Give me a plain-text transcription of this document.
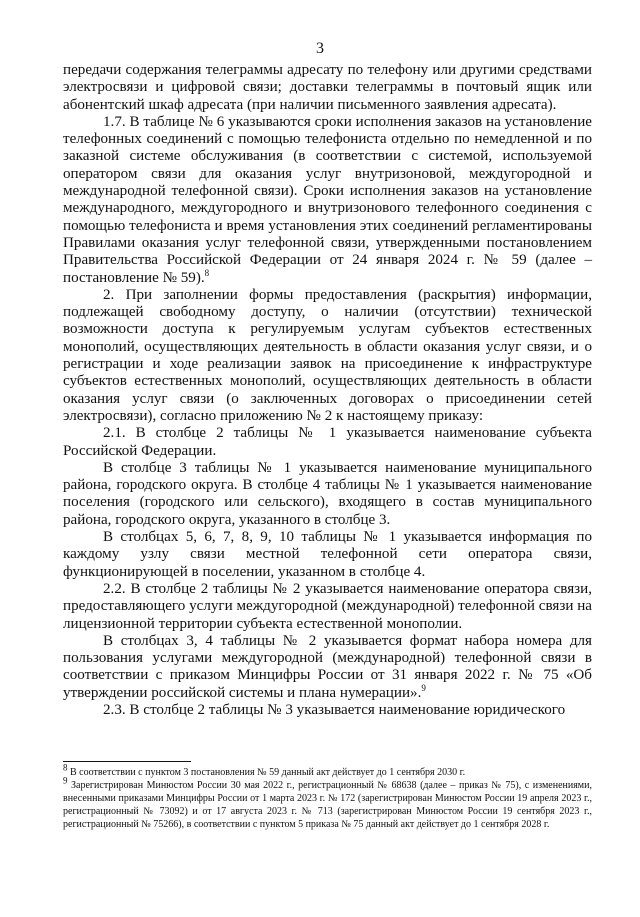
3

передачи содержания телеграммы адресату по телефону или другими средствами электросвязи и цифровой связи; доставки телеграммы в почтовый ящик или абонентский шкаф адресата (при наличии письменного заявления адресата).

1.7. В таблице № 6 указываются сроки исполнения заказов на установление телефонных соединений с помощью телефониста отдельно по немедленной и по заказной системе обслуживания (в соответствии с системой, используемой оператором связи для оказания услуг внутризоновой, междугородной и международной телефонной связи). Сроки исполнения заказов на установление международного, междугородного и внутризонового телефонного соединения с помощью телефониста и время установления этих соединений регламентированы Правилами оказания услуг телефонной связи, утвержденными постановлением Правительства Российской Федерации от 24 января 2024 г. № 59 (далее – постановление № 59).$^8$

2. При заполнении формы предоставления (раскрытия) информации, подлежащей свободному доступу, о наличии (отсутствии) технической возможности доступа к регулируемым услугам субъектов естественных монополий, осуществляющих деятельность в области оказания услуг связи, и о регистрации и ходе реализации заявок на присоединение к инфраструктуре субъектов естественных монополий, осуществляющих деятельность в области оказания услуг связи (о заключенных договорах о присоединении сетей электросвязи), согласно приложению № 2 к настоящему приказу:

2.1. В столбце 2 таблицы № 1 указывается наименование субъекта Российской Федерации.

В столбце 3 таблицы № 1 указывается наименование муниципального района, городского округа. В столбце 4 таблицы № 1 указывается наименование поселения (городского или сельского), входящего в состав муниципального района, городского округа, указанного в столбце 3.

В столбцах 5, 6, 7, 8, 9, 10 таблицы № 1 указывается информация по каждому узлу связи местной телефонной сети оператора связи, функционирующей в поселении, указанном в столбце 4.

2.2. В столбце 2 таблицы № 2 указывается наименование оператора связи, предоставляющего услуги междугородной (международной) телефонной связи на лицензионной территории субъекта естественной монополии.

В столбцах 3, 4 таблицы № 2 указывается формат набора номера для пользования услугами междугородной (международной) телефонной связи в соответствии с приказом Минцифры России от 31 января 2022 г. № 75 «Об утверждении российской системы и плана нумерации».$^9$

2.3. В столбце 2 таблицы № 3 указывается наименование юридического

$^8$ В соответствии с пунктом 3 постановления № 59 данный акт действует до 1 сентября 2030 г.

$^9$ Зарегистрирован Минюстом России 30 мая 2022 г., регистрационный № 68638 (далее – приказ № 75), с изменениями, внесенными приказами Минцифры России от 1 марта 2023 г. № 172 (зарегистрирован Минюстом России 19 апреля 2023 г., регистрационный № 73092) и от 17 августа 2023 г. № 713 (зарегистрирован Минюстом России 19 сентября 2023 г., регистрационный № 75266), в соответствии с пунктом 5 приказа № 75 данный акт действует до 1 сентября 2028 г.
